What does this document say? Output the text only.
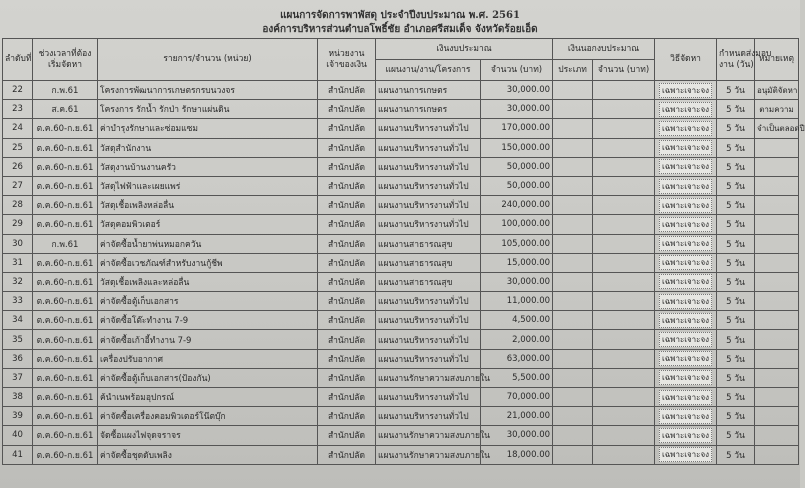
แผนการจัดการพาพัสดุ ประจำปีงบประมาณ พ.ศ. 2561
องค์การบริหารส่วนตำบลโพธิ์ชัย อำเภอศรีสมเด็จ จังหวัดร้อยเอ็ด
ลำดับที่	ช่วงเวลาที่ต้อง
เริ่มจัดหา	รายการ/จำนวน (หน่วย)	หน่วยงาน
เจ้าของเงิน	เงินงบประมาณ		เงินนอกงบประมาณ		วิธีจัดหา	กำหนดส่งมอบ
งาน (วัน)	หมายเหตุ
				แผนงาน/งาน/โครงการ	จำนวน (บาท)	ประเภท	จำนวน (บาท)			
22	ก.พ.61	โครงการพัฒนาการเกษตรกรบนวงจร	สำนักปลัด	แผนงานการเกษตร	30,000.00			เฉพาะเจาะจง	5 วัน	อนุมัติจัดหา
23	ส.ค.61	โครงการ รักน้ำ รักป่า รักษาแผ่นดิน	สำนักปลัด	แผนงานการเกษตร	30,000.00			เฉพาะเจาะจง	5 วัน	ตามความ
24	ต.ค.60-ก.ย.61	ค่าบำรุงรักษาและซ่อมแซม	สำนักปลัด	แผนงานบริหารงานทั่วไป	170,000.00			เฉพาะเจาะจง	5 วัน	จำเป็นตลอดปี
25	ต.ค.60-ก.ย.61	วัสดุสำนักงาน	สำนักปลัด	แผนงานบริหารงานทั่วไป	150,000.00			เฉพาะเจาะจง	5 วัน	
26	ต.ค.60-ก.ย.61	วัสดุงานบ้านงานครัว	สำนักปลัด	แผนงานบริหารงานทั่วไป	50,000.00			เฉพาะเจาะจง	5 วัน	
27	ต.ค.60-ก.ย.61	วัสดุไฟฟ้าและเผยแพร่	สำนักปลัด	แผนงานบริหารงานทั่วไป	50,000.00			เฉพาะเจาะจง	5 วัน	
28	ต.ค.60-ก.ย.61	วัสดุเชื้อเพลิงหล่อลื่น	สำนักปลัด	แผนงานบริหารงานทั่วไป	240,000.00			เฉพาะเจาะจง	5 วัน	
29	ต.ค.60-ก.ย.61	วัสดุคอมพิวเตอร์	สำนักปลัด	แผนงานบริหารงานทั่วไป	100,000.00			เฉพาะเจาะจง	5 วัน	
30	ก.พ.61	ค่าจัดซื้อน้ำยาพ่นหมอกควัน	สำนักปลัด	แผนงานสาธารณสุข	105,000.00			เฉพาะเจาะจง	5 วัน	
31	ต.ค.60-ก.ย.61	ค่าจัดซื้อเวชภัณฑ์สำหรับงานกู้ชีพ	สำนักปลัด	แผนงานสาธารณสุข	15,000.00			เฉพาะเจาะจง	5 วัน	
32	ต.ค.60-ก.ย.61	วัสดุเชื้อเพลิงและหล่อลื่น	สำนักปลัด	แผนงานสาธารณสุข	30,000.00			เฉพาะเจาะจง	5 วัน	
33	ต.ค.60-ก.ย.61	ค่าจัดซื้อตู้เก็บเอกสาร	สำนักปลัด	แผนงานบริหารงานทั่วไป	11,000.00			เฉพาะเจาะจง	5 วัน	
34	ต.ค.60-ก.ย.61	ค่าจัดซื้อโต๊ะทำงาน 7-9	สำนักปลัด	แผนงานบริหารงานทั่วไป	4,500.00			เฉพาะเจาะจง	5 วัน	
35	ต.ค.60-ก.ย.61	ค่าจัดซื้อเก้าอี้ทำงาน 7-9	สำนักปลัด	แผนงานบริหารงานทั่วไป	2,000.00			เฉพาะเจาะจง	5 วัน	
36	ต.ค.60-ก.ย.61	เครื่องปรับอากาศ	สำนักปลัด	แผนงานบริหารงานทั่วไป	63,000.00			เฉพาะเจาะจง	5 วัน	
37	ต.ค.60-ก.ย.61	ค่าจัดซื้อตู้เก็บเอกสาร(ป้องกัน)	สำนักปลัด	แผนงานรักษาความสงบภายใน	5,500.00			เฉพาะเจาะจง	5 วัน	
38	ต.ค.60-ก.ย.61	ค้นำเนพร้อมอุปกรณ์	สำนักปลัด	แผนงานบริหารงานทั่วไป	70,000.00			เฉพาะเจาะจง	5 วัน	
39	ต.ค.60-ก.ย.61	ค่าจัดซื้อเครื่องคอมพิวเตอร์โน๊ตบุ๊ก	สำนักปลัด	แผนงานบริหารงานทั่วไป	21,000.00			เฉพาะเจาะจง	5 วัน	
40	ต.ค.60-ก.ย.61	จัดซื้อแผงไฟจุดจราจร	สำนักปลัด	แผนงานรักษาความสงบภายใน	30,000.00			เฉพาะเจาะจง	5 วัน	
41	ต.ค.60-ก.ย.61	ค่าจัดซื้อชุดดับเพลิง	สำนักปลัด	แผนงานรักษาความสงบภายใน	18,000.00			เฉพาะเจาะจง	5 วัน	
